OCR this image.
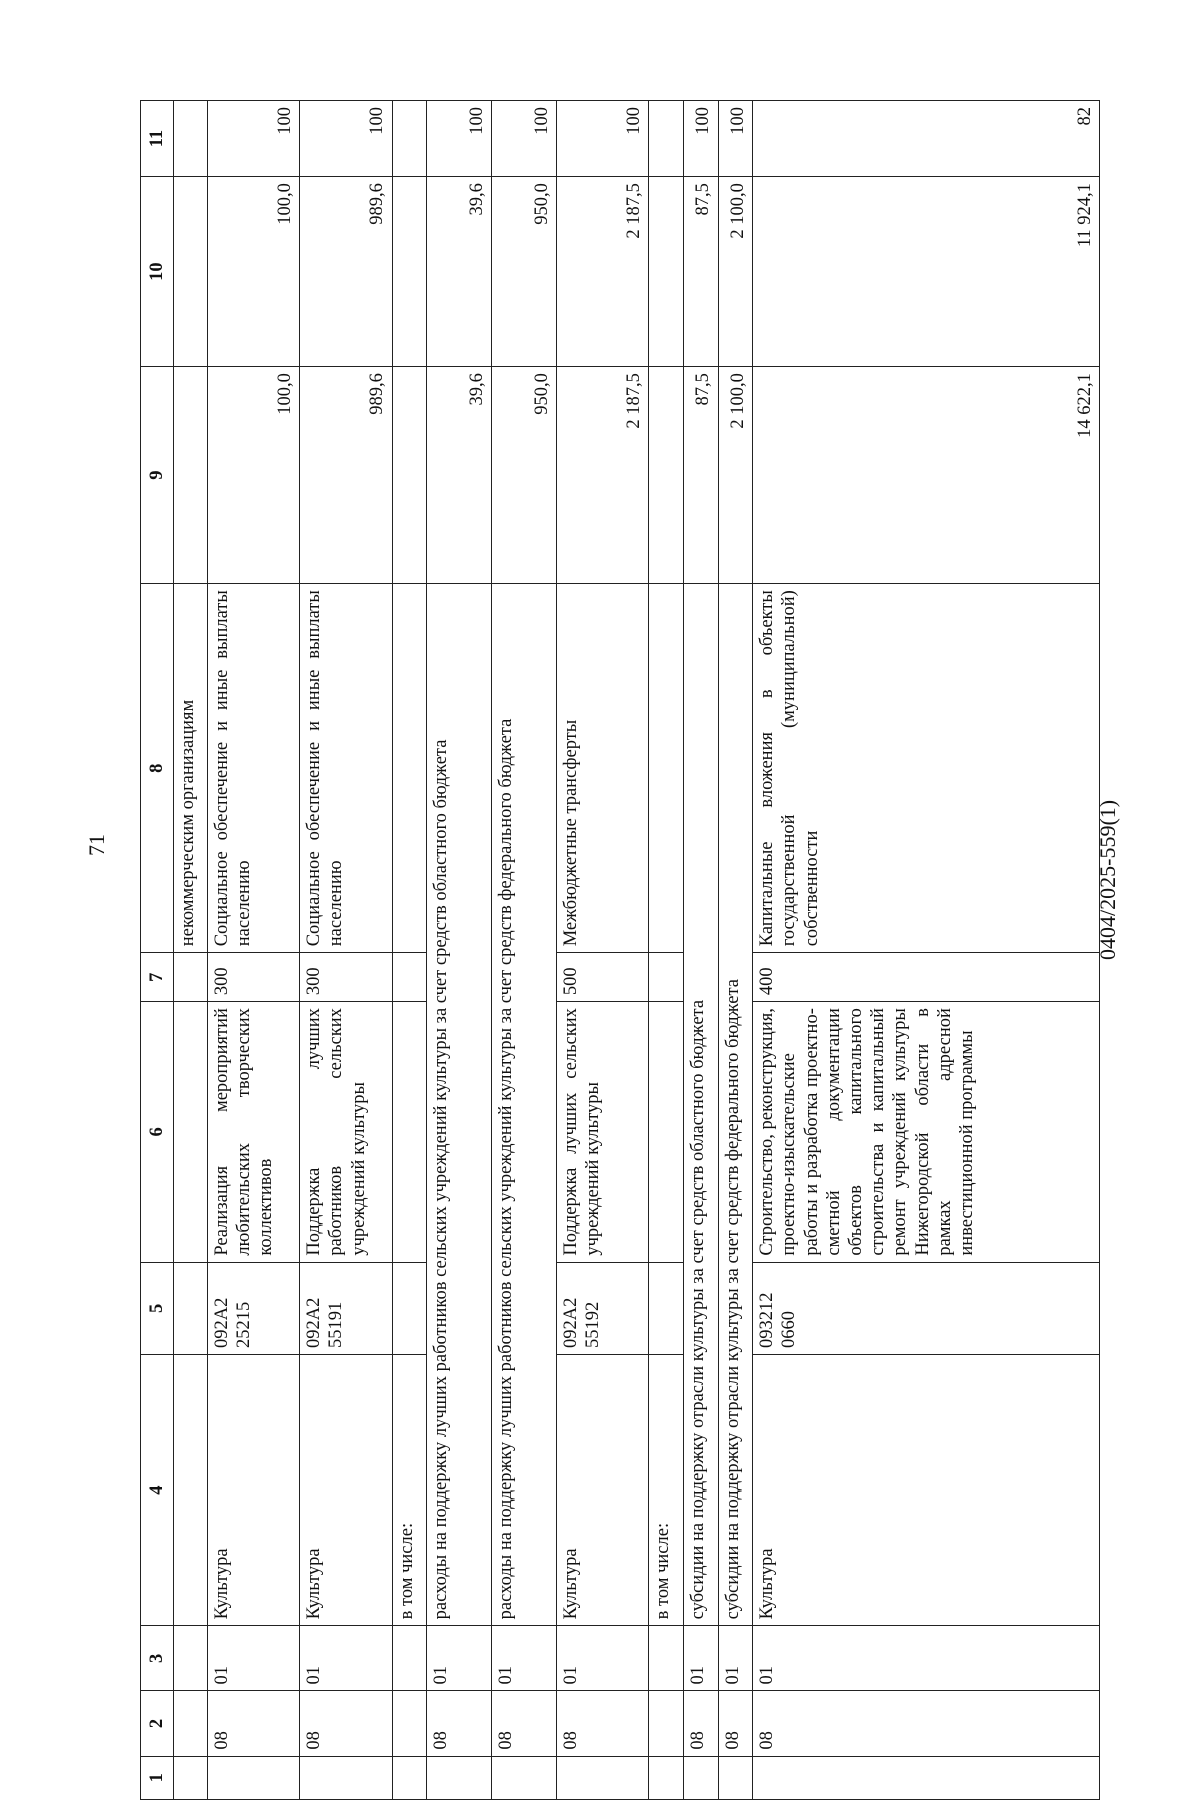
71	0404/2025-559(1)
1	2	3	4	5	6	7	8	9	10	11
							некоммерческим организациям			
	08	01	Культура	092А2 25215	Реализация мероприятий любительских творческих коллективов	300	Социальное обеспечение и иные выплаты населению	100,0	100,0	100
	08	01	Культура	092А2 55191	Поддержка лучших работников сельских учреждений культуры	300	Социальное обеспечение и иные выплаты населению	989,6	989,6	100
			в том числе:							
	08	01	расходы на поддержку лучших работников сельских учреждений культуры за счет средств областного бюджета					39,6	39,6	100
	08	01	расходы на поддержку лучших работников сельских учреждений культуры за счет средств федерального бюджета					950,0	950,0	100
	08	01	Культура	092А2 55192	Поддержка лучших сельских учреждений культуры	500	Межбюджетные трансферты	2 187,5	2 187,5	100
			в том числе:							
	08	01	субсидии на поддержку отрасли культуры за счет средств областного бюджета					87,5	87,5	100
	08	01	субсидии на поддержку отрасли культуры за счет средств федерального бюджета					2 100,0	2 100,0	100
	08	01	Культура	093212 0660	Строительство, реконструкция, проектно-изыскательские работы и разработка проектно-сметной документации объектов капитального строительства и капитальный ремонт учреждений культуры Нижегородской области в рамках адресной инвестиционной программы	400	Капитальные вложения в объекты государственной (муниципальной) собственности	14 622,1	11 924,1	82
